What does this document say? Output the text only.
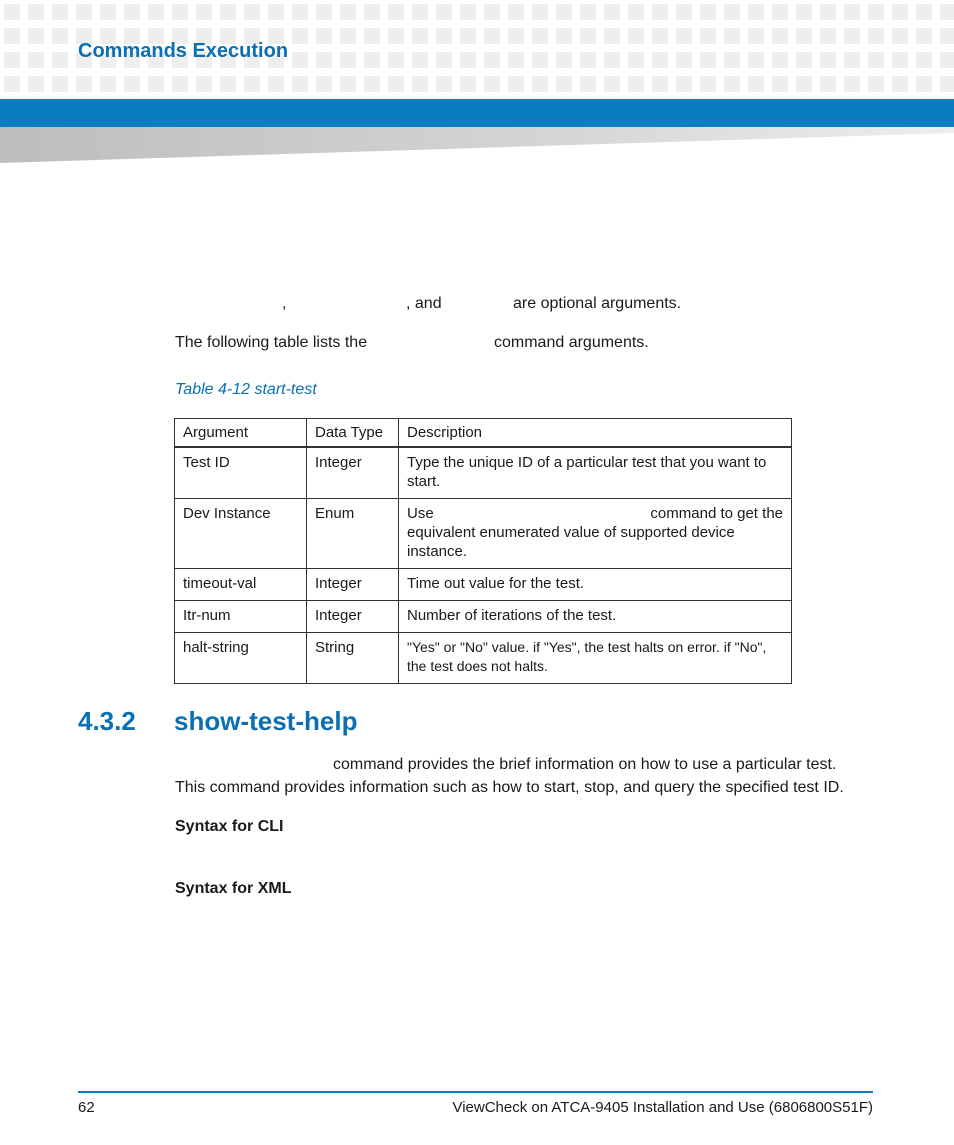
Commands Execution
,	, and	are optional arguments.
The following table lists the	command arguments.
Table 4-12 start-test
Argument	Data Type	Description
Test ID	Integer	Type the unique ID of a particular test that you want to start.
Dev Instance	Enum	Use command to get the
equivalent enumerated value of supported device instance.

timeout-val	Integer	Time out value for the test.
Itr-num	Integer	Number of iterations of the test.
halt-string	String	"Yes" or "No" value. if "Yes", the test halts on error. if "No", the test does not halts.
4.3.2 show-test-help
command provides the brief information on how to use a particular test.
This command provides information such as how to start, stop, and query the specified test ID.
Syntax for CLI
Syntax for XML
62	ViewCheck on ATCA-9405 Installation and Use (6806800S51F)
